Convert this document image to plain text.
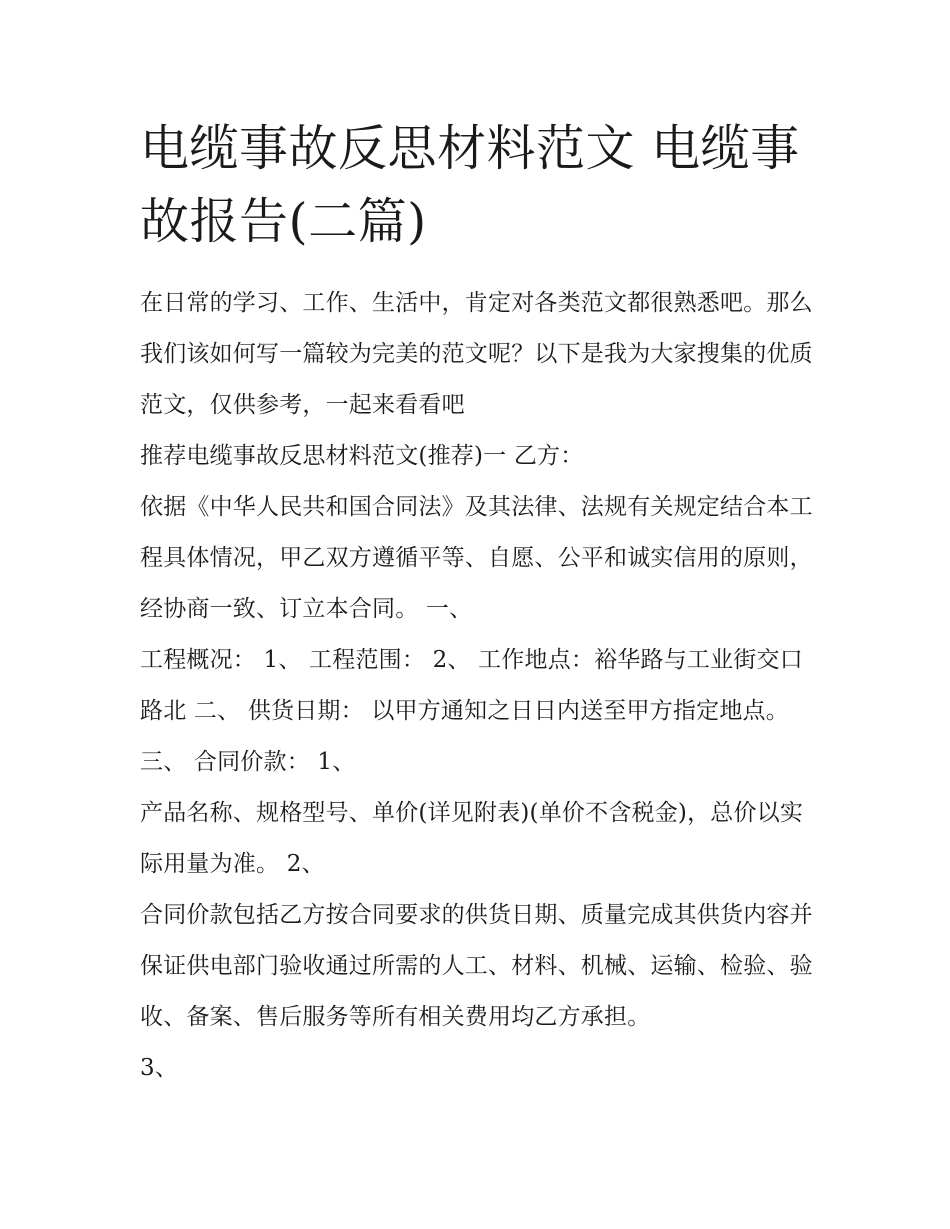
电缆事故反思材料范文 电缆事故报告(二篇)

在日常的学习、工作、生活中，肯定对各类范文都很熟悉吧。那么我们该如何写一篇较为完美的范文呢？以下是我为大家搜集的优质范文，仅供参考，一起来看看吧

推荐电缆事故反思材料范文(推荐)一 乙方：

依据《中华人民共和国合同法》及其法律、法规有关规定结合本工程具体情况，甲乙双方遵循平等、自愿、公平和诚实信用的原则，经协商一致、订立本合同。 一、

工程概况： 1、 工程范围： 2、 工作地点：裕华路与工业街交口路北 二、 供货日期： 以甲方通知之日日内送至甲方指定地点。 三、 合同价款： 1、

产品名称、规格型号、单价(详见附表)(单价不含税金)，总价以实际用量为准。 2、

合同价款包括乙方按合同要求的供货日期、质量完成其供货内容并保证供电部门验收通过所需的人工、材料、机械、运输、检验、验收、备案、售后服务等所有相关费用均乙方承担。

3、
